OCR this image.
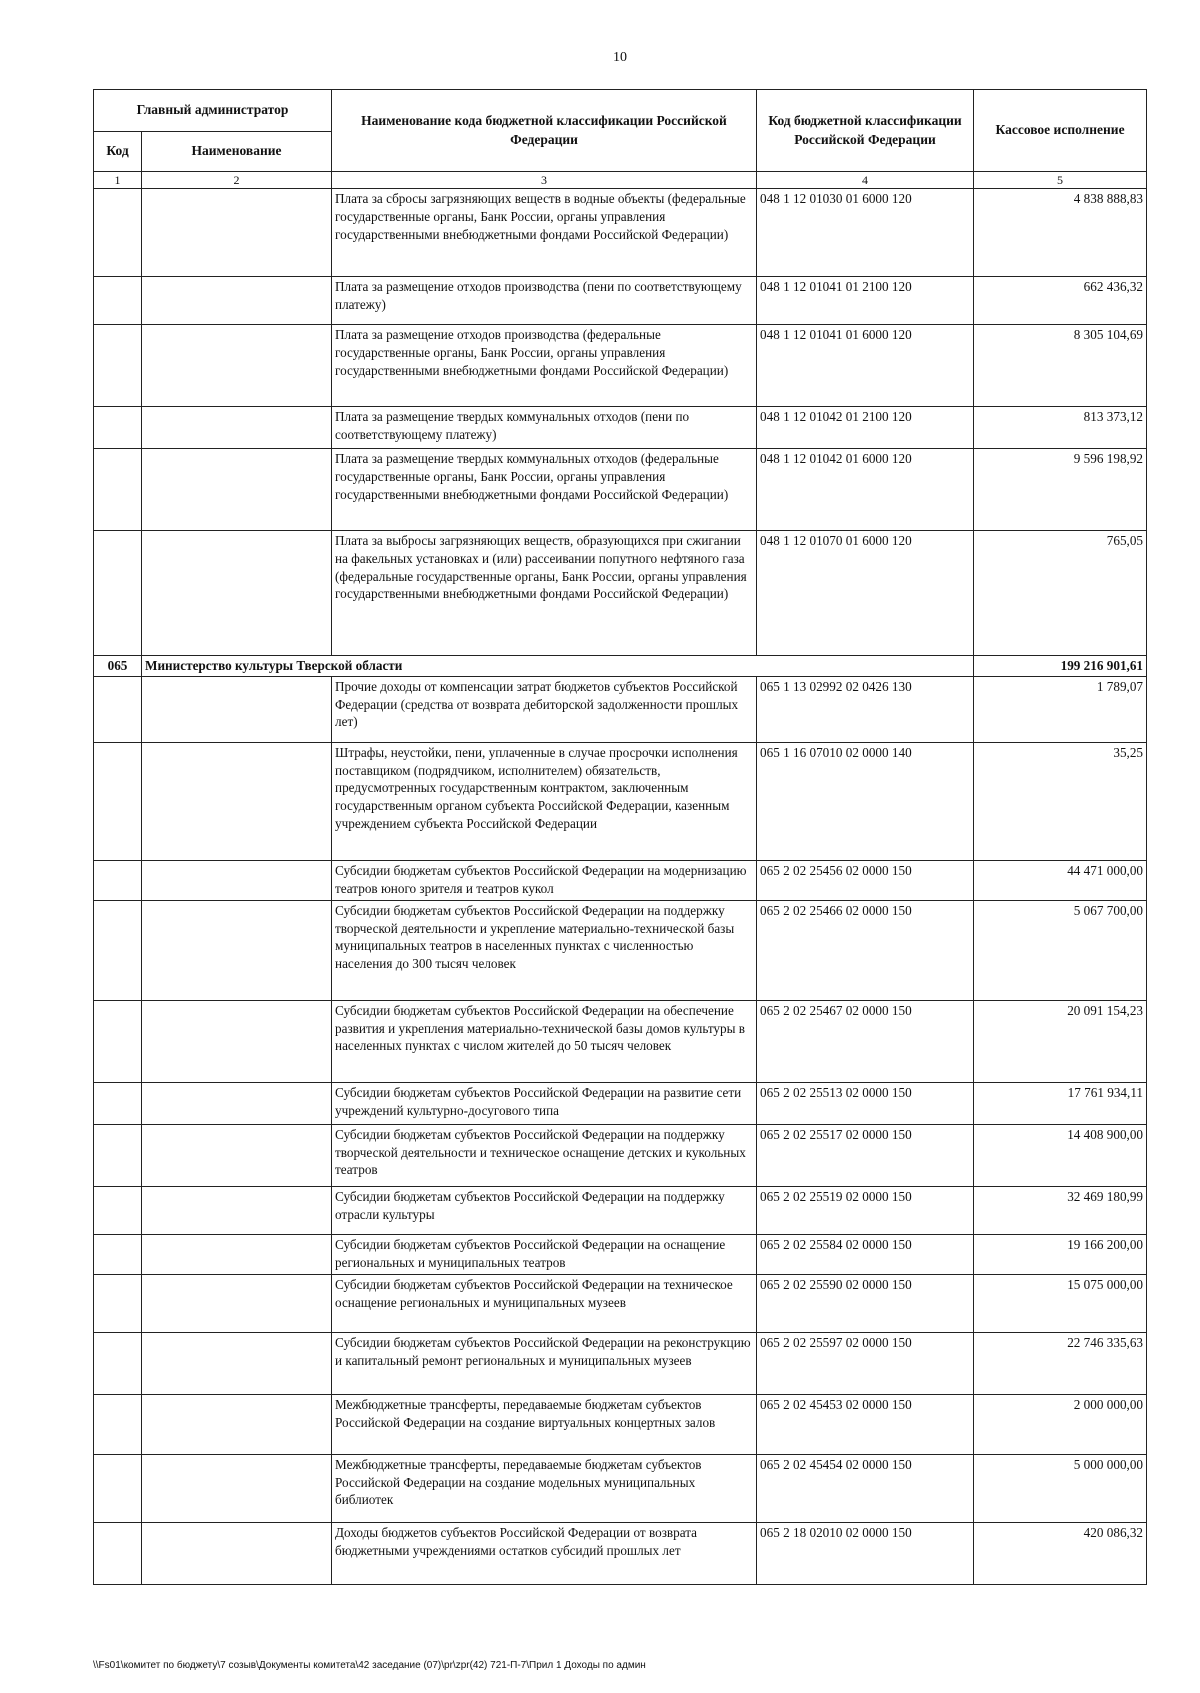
10
Главный администратор		Наименование кода бюджетной классификации Российской Федерации	Код бюджетной классификации Российской Федерации	Кассовое исполнение
Код	Наименование			
1	2	3	4	5
		Плата за сбросы загрязняющих веществ в водные объекты (федеральные государственные органы, Банк России, органы управления государственными внебюджетными фондами Российской Федерации)	048 1 12 01030 01 6000 120	4 838 888,83
		Плата за размещение отходов производства (пени по соответствующему платежу)	048 1 12 01041 01 2100 120	662 436,32
		Плата за размещение отходов производства (федеральные государственные органы, Банк России, органы управления государственными внебюджетными фондами Российской Федерации)	048 1 12 01041 01 6000 120	8 305 104,69
		Плата за размещение твердых коммунальных отходов (пени по соответствующему платежу)	048 1 12 01042 01 2100 120	813 373,12
		Плата за размещение твердых коммунальных отходов (федеральные государственные органы, Банк России, органы управления государственными внебюджетными фондами Российской Федерации)	048 1 12 01042 01 6000 120	9 596 198,92
		Плата за выбросы загрязняющих веществ, образующихся при сжигании на факельных установках и (или) рассеивании попутного нефтяного газа (федеральные государственные органы, Банк России, органы управления государственными внебюджетными фондами Российской Федерации)	048 1 12 01070 01 6000 120	765,05
065	Министерство культуры Тверской области			199 216 901,61
		Прочие доходы от компенсации затрат бюджетов субъектов Российской Федерации (средства от возврата дебиторской задолженности прошлых лет)	065 1 13 02992 02 0426 130	1 789,07
		Штрафы, неустойки, пени, уплаченные в случае просрочки исполнения поставщиком (подрядчиком, исполнителем) обязательств, предусмотренных государственным контрактом, заключенным государственным органом субъекта Российской Федерации, казенным учреждением субъекта Российской Федерации	065 1 16 07010 02 0000 140	35,25
		Субсидии бюджетам субъектов Российской Федерации на модернизацию театров юного зрителя и театров кукол	065 2 02 25456 02 0000 150	44 471 000,00
		Субсидии бюджетам субъектов Российской Федерации на поддержку творческой деятельности и укрепление материально-технической базы муниципальных театров в населенных пунктах с численностью населения до 300 тысяч человек	065 2 02 25466 02 0000 150	5 067 700,00
		Субсидии бюджетам субъектов Российской Федерации на обеспечение развития и укрепления материально-технической базы домов культуры в населенных пунктах с числом жителей до 50 тысяч человек	065 2 02 25467 02 0000 150	20 091 154,23
		Субсидии бюджетам субъектов Российской Федерации на развитие сети учреждений культурно-досугового типа	065 2 02 25513 02 0000 150	17 761 934,11
		Субсидии бюджетам субъектов Российской Федерации на поддержку творческой деятельности и техническое оснащение детских и кукольных театров	065 2 02 25517 02 0000 150	14 408 900,00
		Субсидии бюджетам субъектов Российской Федерации на поддержку отрасли культуры	065 2 02 25519 02 0000 150	32 469 180,99
		Субсидии бюджетам субъектов Российской Федерации на оснащение региональных и муниципальных театров	065 2 02 25584 02 0000 150	19 166 200,00
		Субсидии бюджетам субъектов Российской Федерации на техническое оснащение региональных и муниципальных музеев	065 2 02 25590 02 0000 150	15 075 000,00
		Субсидии бюджетам субъектов Российской Федерации на реконструкцию и капитальный ремонт региональных и муниципальных музеев	065 2 02 25597 02 0000 150	22 746 335,63
		Межбюджетные трансферты, передаваемые бюджетам субъектов Российской Федерации на создание виртуальных концертных залов	065 2 02 45453 02 0000 150	2 000 000,00
		Межбюджетные трансферты, передаваемые бюджетам субъектов Российской Федерации на создание модельных муниципальных библиотек	065 2 02 45454 02 0000 150	5 000 000,00
		Доходы бюджетов субъектов Российской Федерации от возврата бюджетными учреждениями остатков субсидий прошлых лет	065 2 18 02010 02 0000 150	420 086,32
\\Fs01\комитет по бюджету\7 созыв\Документы комитета\42 заседание (07)\pr\zpr(42) 721-П-7\Прил 1 Доходы по админ
